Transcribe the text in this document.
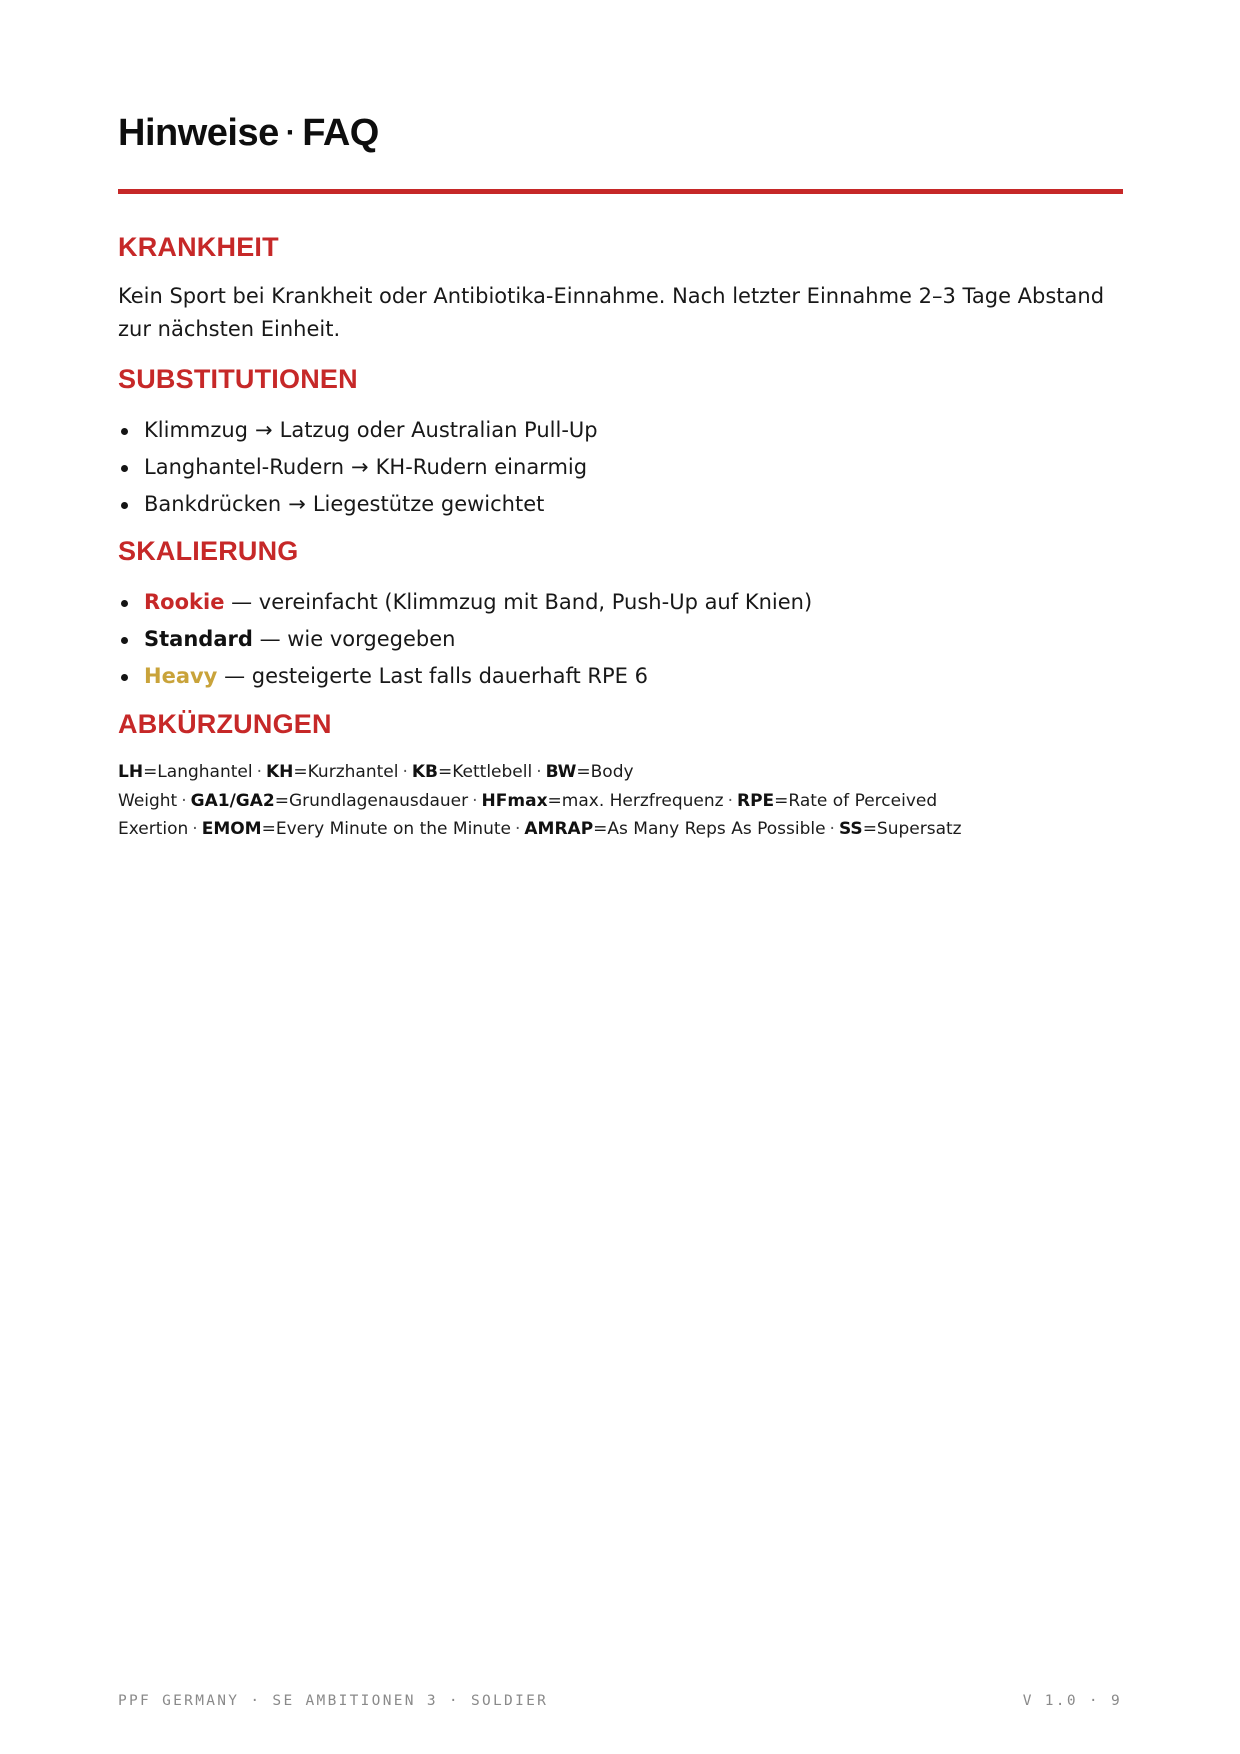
Hinweise · FAQ
KRANKHEIT

Kein Sport bei Krankheit oder Antibiotika-Einnahme. Nach letzter Einnahme 2–3 Tage Abstand zur nächsten Einheit.

SUBSTITUTIONEN
Klimmzug → Latzug oder Australian Pull-Up
Langhantel-Rudern → KH-Rudern einarmig
Bankdrücken → Liegestütze gewichtet
SKALIERUNG
Rookie — vereinfacht (Klimmzug mit Band, Push-Up auf Knien)
Standard — wie vorgegeben
Heavy — gesteigerte Last falls dauerhaft RPE 6
ABKÜRZUNGEN

LH=Langhantel · KH=Kurzhantel · KB=Kettlebell · BW=Body Weight · GA1/GA2=Grundlagenausdauer · HFmax=max. Herzfrequenz · RPE=Rate of Perceived Exertion · EMOM=Every Minute on the Minute · AMRAP=As Many Reps As Possible · SS=Supersatz

PPF GERMANY · SE AMBITIONEN 3 · SOLDIER	V 1.0 · 9
